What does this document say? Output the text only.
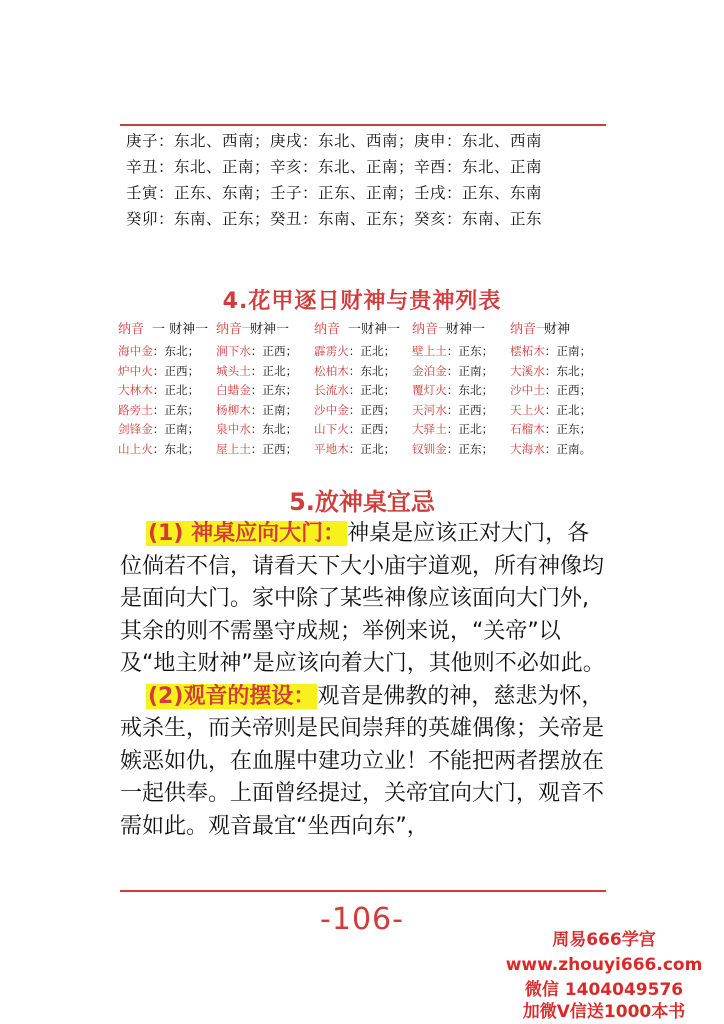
庚子：东北、西南；庚戌：东北、西南；庚申：东北、西南
辛丑：东北、正南；辛亥：东北、正南；辛酉：东北、正南
壬寅：正东、东南；壬子：正东、正南；壬戌：正东、东南
癸卯：东南、正东；癸丑：东南、正东；癸亥：东南、正东
4.花甲逐日财神与贵神列表
纳音 一 财神一 纳音一财神一 纳音 一财神一 纳音一财神一 纳音一财神
海中金：东北；	涧下水：正西；	霹雳火：正北；	壁上土：正东；	橒柘木：正南；
炉中火：正西；	城头土：正北；	松柏木：东北；	金泊金：正南；	大溪水：东北；
大林木：正北；	白蜡金：正东；	长流水：正北；	覆灯火：东北；	沙中土：正西；
路旁土：正东；	杨柳木：正南；	沙中金：正西；	天河水：正西；	天上火：正北；
剑锋金：正南；	泉中水：东北；	山下火：正西；	大驿土：正北；	石榴木：正东；
山上火：东北；	屋上土：正西；	平地木：正北；	钗钏金：正东；	大海水：正南。
5.放神桌宜忌

(1) 神桌应向大门：神桌是应该正对大门，各位倘若不信，请看天下大小庙宇道观，所有神像均是面向大门。家中除了某些神像应该面向大门外,其余的则不需墨守成规；举例来说，“关帝”以及“地主财神”是应该向着大门，其他则不必如此。

(2)观音的摆设：观音是佛教的神，慈悲为怀，戒杀生，而关帝则是民间崇拜的英雄偶像；关帝是嫉恶如仇，在血腥中建功立业！不能把两者摆放在一起供奉。上面曾经提过，关帝宜向大门，观音不需如此。观音最宜“坐西向东”，

-106-
周易666学宫
www.zhouyi666.com
微信 1404049576
加微V信送1000本书
